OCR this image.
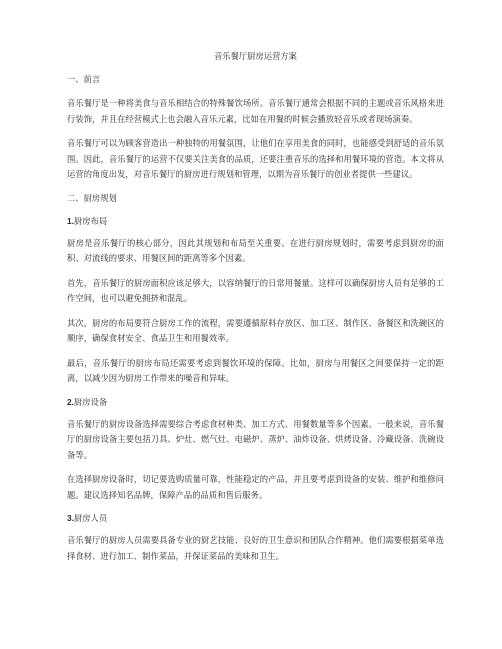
音乐餐厅厨房运营方案
一、前言

音乐餐厅是一种将美食与音乐相结合的特殊餐饮场所。音乐餐厅通常会根据不同的主题或音乐风格来进行装饰，并且在经营模式上也会融入音乐元素，比如在用餐的时候会播放轻音乐或者现场演奏。

音乐餐厅可以为顾客营造出一种独特的用餐氛围，让他们在享用美食的同时，也能感受到舒适的音乐氛围。因此，音乐餐厅的运营不仅要关注美食的品质，还要注重音乐的选择和用餐环境的营造。本文将从运营的角度出发，对音乐餐厅的厨房进行规划和管理，以期为音乐餐厅的创业者提供一些建议。

二、厨房规划
1.厨房布局

厨房是音乐餐厅的核心部分，因此其规划和布局至关重要。在进行厨房规划时，需要考虑到厨房的面积、对流线的要求、用餐区间的距离等多个因素。

首先，音乐餐厅的厨房面积应该足够大，以容纳餐厅的日常用餐量。这样可以确保厨房人员有足够的工作空间，也可以避免拥挤和混乱。

其次，厨房的布局要符合厨房工作的流程，需要遵循原料存放区、加工区、制作区、备餐区和洗碗区的顺序，确保食材安全、食品卫生和用餐效率。

最后，音乐餐厅的厨房布局还需要考虑到餐饮环境的保障。比如，厨房与用餐区之间要保持一定的距离，以减少因为厨房工作带来的噪音和异味。

2.厨房设备

音乐餐厅的厨房设备选择需要综合考虑食材种类、加工方式、用餐数量等多个因素。一般来说，音乐餐厅的厨房设备主要包括刀具、炉灶、燃气灶、电磁炉、蒸炉、油炸设备、烘烤设备、冷藏设备、洗碗设备等。

在选择厨房设备时，切记要选购质量可靠，性能稳定的产品，并且要考虑到设备的安装、维护和维修问题。建议选择知名品牌，保障产品的品质和售后服务。

3.厨房人员

音乐餐厅的厨房人员需要具备专业的厨艺技能、良好的卫生意识和团队合作精神。他们需要根据菜单选择食材、进行加工、制作菜品，并保证菜品的美味和卫生。
